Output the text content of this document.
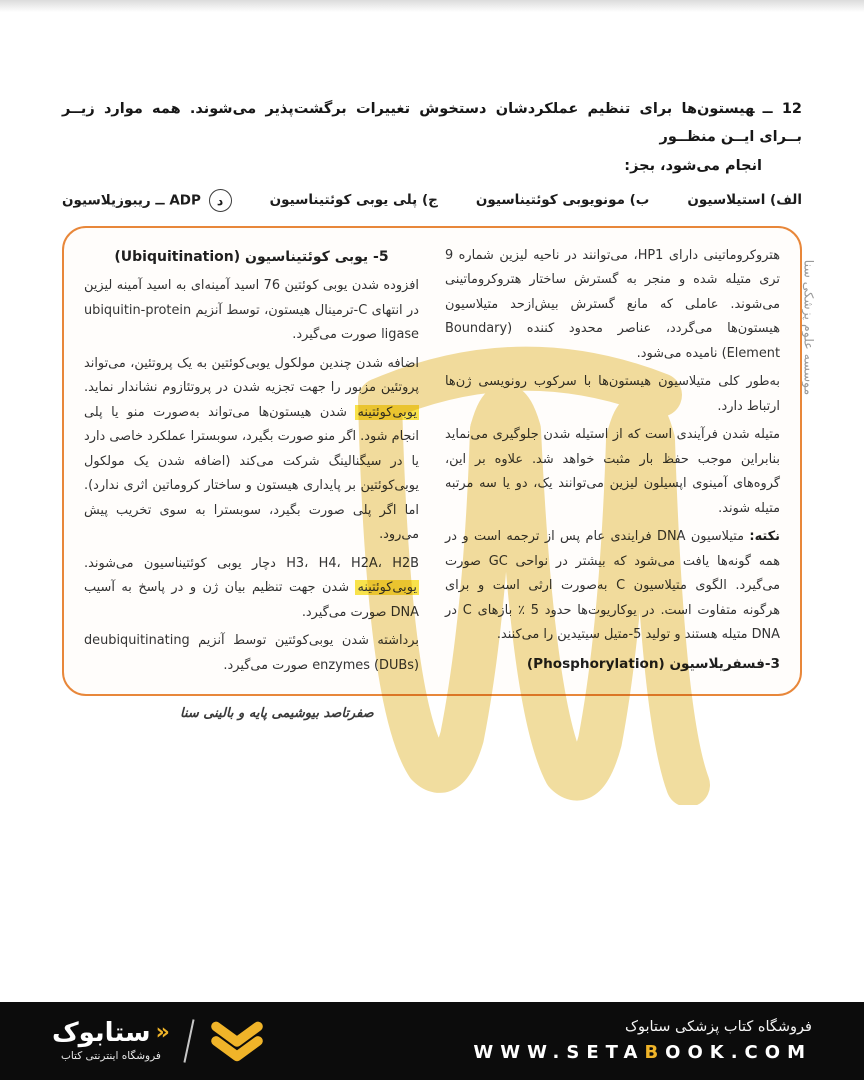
12 ــهیستون‌ها برای تنظیم عملکردشان دستخوش تغییرات برگشت‌پذیر می‌شوند. همه موارد زیــر بــرای ایــن منظــور

انجام می‌شود، بجز:

الف) استیلاسیون
ب) مونویوبی کوئتیناسیون
ج) پلی یوبی کوئتیناسیون
د ADP ــ ریبوزیلاسیون

هتروکروماتینی دارای HP1، می‌توانند در ناحیه لیزین شماره 9 تری متیله شده و منجر به گسترش ساختار هتروکروماتینی می‌شوند. عاملی که مانع گسترش بیش‌ازحد متیلاسیون هیستون‌ها می‌گردد، عناصر محدود کننده (Boundary Element) نامیده می‌شود.

به‌طور کلی متیلاسیون هیستون‌ها با سرکوب رونویسی ژن‌ها ارتباط دارد.

متیله شدن فرآیندی است که از استیله شدن جلوگیری می‌نماید بنابراین موجب حفظ بار مثبت خواهد شد. علاوه بر این، گروه‌های آمینوی اپسیلون لیزین می‌توانند یک، دو یا سه مرتبه متیله شوند.

نکته: متیلاسیون DNA فرایندی عام پس از ترجمه است و در همه گونه‌ها یافت می‌شود که بیشتر در نواحی GC صورت می‌گیرد. الگوی متیلاسیون C به‌صورت ارثی است و برای هرگونه متفاوت است. در یوکاریوت‌ها حدود 5 ٪ بازهای C در DNA متیله هستند و تولید 5-متیل سیتیدین را می‌کنند.

3-فسفریلاسیون (Phosphorylation)

5- یوبی کوئتیناسیون (Ubiquitination)

افزوده شدن یوبی کوئتین 76 اسید آمینه‌ای به اسید آمینه لیزین در انتهای C-ترمینال هیستون، توسط آنزیم ubiquitin-protein ligase صورت می‌گیرد.

اضافه شدن چندین مولکول یوبی‌کوئتین به یک پروتئین، می‌تواند پروتئین مزبور را جهت تجزیه شدن در پروتئازوم نشاندار نماید. یوبی‌کوئتینه شدن هیستون‌ها می‌تواند به‌صورت منو یا پلی انجام شود. اگر منو صورت بگیرد، سوبسترا عملکرد خاصی دارد یا در سیگنالینگ شرکت می‌کند (اضافه شدن یک مولکول یوبی‌کوئتین بر پایداری هیستون و ساختار کروماتین اثری ندارد). اما اگر پلی صورت بگیرد، سوبسترا به سوی تخریب پیش می‌رود.

H3، H4، H2A، H2B دچار یوبی کوئتیناسیون می‌شوند. یوبی‌کوئتینه شدن جهت تنظیم بیان ژن و در پاسخ به آسیب DNA صورت می‌گیرد.

برداشته شدن یوبی‌کوئتین توسط آنزیم deubiquitinating enzymes (DUBs) صورت می‌گیرد.

صفرتاصد بیوشیمی پایه و بالینی سنا

موسسه علوم پزشکی سنا
«
ستابوک
فروشگاه اینترنتی کتاب
فروشگاه کتاب پزشکی ستابوک
WWW.SETABOOK.COM
